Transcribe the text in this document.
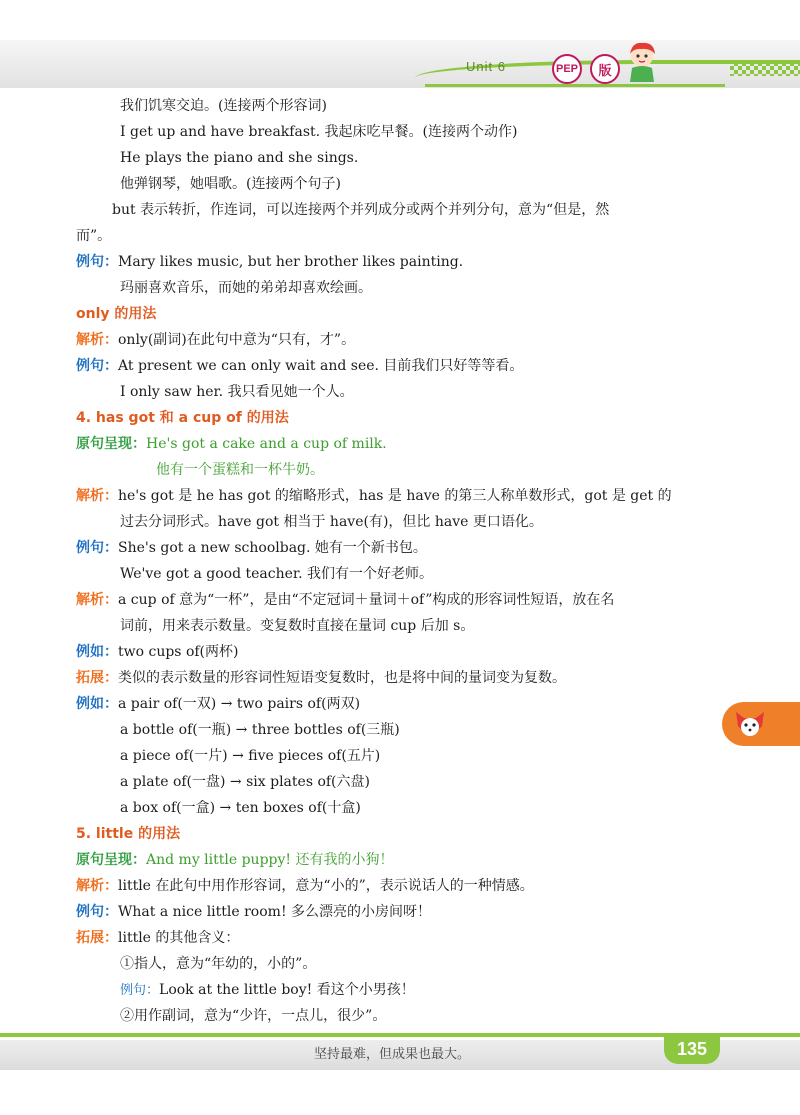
Unit 6	PEP	版
我们饥寒交迫。(连接两个形容词)
I get up and have breakfast. 我起床吃早餐。(连接两个动作)
He plays the piano and she sings.
他弹钢琴，她唱歌。(连接两个句子)
but 表示转折，作连词，可以连接两个并列成分或两个并列分句，意为“但是，然
而”。
例句：Mary likes music, but her brother likes painting.
玛丽喜欢音乐，而她的弟弟却喜欢绘画。
only 的用法
解析：only(副词)在此句中意为“只有，才”。
例句：At present we can only wait and see. 目前我们只好等等看。
I only saw her. 我只看见她一个人。
4. has got 和 a cup of 的用法
原句呈现：He's got a cake and a cup of milk.
他有一个蛋糕和一杯牛奶。
解析：he's got 是 he has got 的缩略形式，has 是 have 的第三人称单数形式，got 是 get 的
过去分词形式。have got 相当于 have(有)，但比 have 更口语化。
例句：She's got a new schoolbag. 她有一个新书包。
We've got a good teacher. 我们有一个好老师。
解析：a cup of 意为“一杯”，是由“不定冠词＋量词＋of”构成的形容词性短语，放在名
词前，用来表示数量。变复数时直接在量词 cup 后加 s。
例如：two cups of(两杯)
拓展：类似的表示数量的形容词性短语变复数时，也是将中间的量词变为复数。
例如：a pair of(一双) → two pairs of(两双)
a bottle of(一瓶) → three bottles of(三瓶)
a piece of(一片) → five pieces of(五片)
a plate of(一盘) → six plates of(六盘)
a box of(一盒) → ten boxes of(十盒)
5. little 的用法
原句呈现：And my little puppy! 还有我的小狗！
解析：little 在此句中用作形容词，意为“小的”，表示说话人的一种情感。
例句：What a nice little room! 多么漂亮的小房间呀！
拓展：little 的其他含义：
①指人，意为“年幼的，小的”。
例句：Look at the little boy! 看这个小男孩！
②用作副词，意为“少许，一点儿，很少”。
坚持最难，但成果也最大。	135
